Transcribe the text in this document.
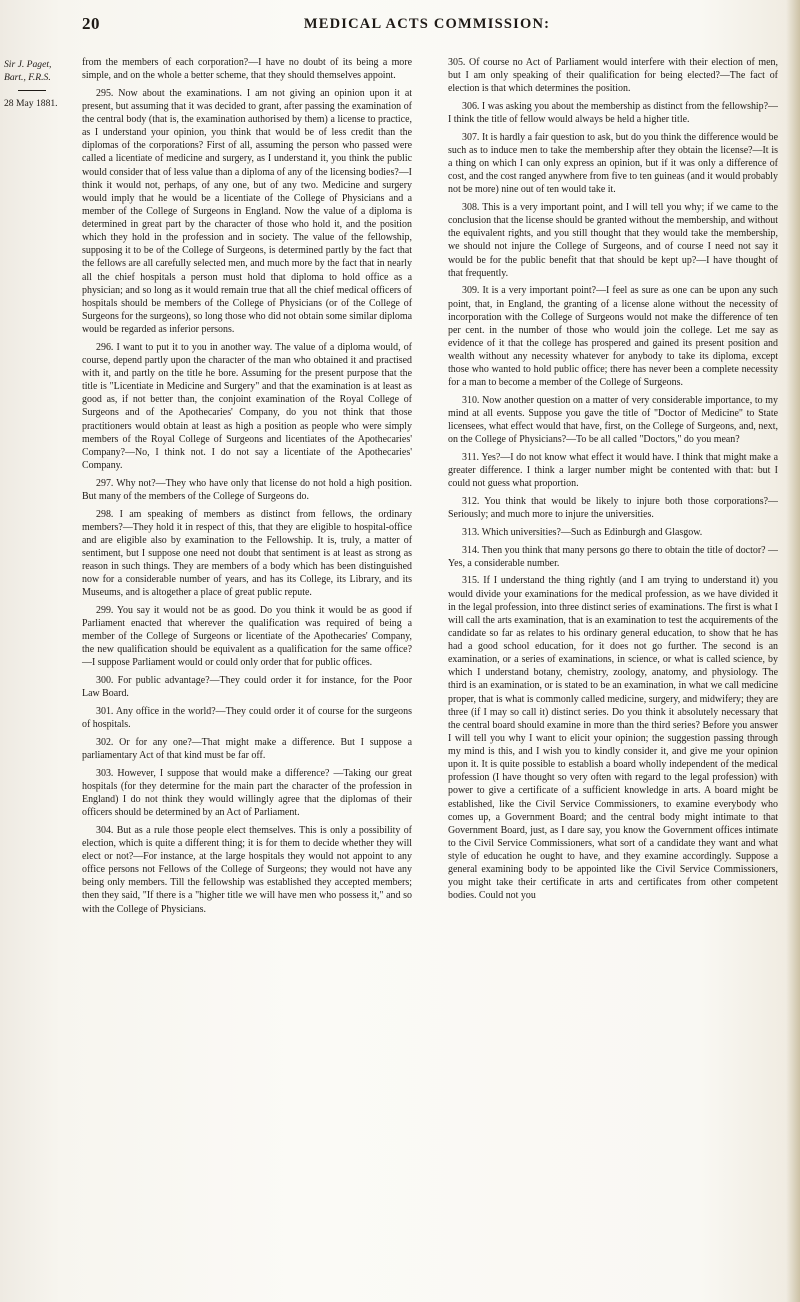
20	MEDICAL ACTS COMMISSION:
Sir J. Paget, Bart., F.R.S.
28 May 1881.

from the members of each corporation?—I have no doubt of its being a more simple, and on the whole a better scheme, that they should themselves appoint.

295. Now about the examinations. I am not giving an opinion upon it at present, but assuming that it was decided to grant, after passing the examination of the central body (that is, the examination authorised by them) a license to practice, as I understand your opinion, you think that would be of less credit than the diplomas of the corporations? First of all, assuming the person who passed were called a licentiate of medicine and surgery, as I understand it, you think the public would consider that of less value than a diploma of any of the licensing bodies?—I think it would not, perhaps, of any one, but of any two. Medicine and surgery would imply that he would be a licentiate of the College of Physicians and a member of the College of Surgeons in England. Now the value of a diploma is determined in great part by the character of those who hold it, and the position which they hold in the profession and in society. The value of the fellowship, supposing it to be of the College of Surgeons, is determined partly by the fact that the fellows are all carefully selected men, and much more by the fact that in nearly all the chief hospitals a person must hold that diploma to hold office as a physician; and so long as it would remain true that all the chief medical officers of hospitals should be members of the College of Physicians (or of the College of Surgeons for the surgeons), so long those who did not obtain some similar diploma would be regarded as inferior persons.

296. I want to put it to you in another way. The value of a diploma would, of course, depend partly upon the character of the man who obtained it and practised with it, and partly on the title he bore. Assuming for the present purpose that the title is "Licentiate in Medicine and Surgery" and that the examination is at least as good as, if not better than, the conjoint examination of the Royal College of Surgeons and of the Apothecaries' Company, do you not think that those practitioners would obtain at least as high a position as people who were simply members of the Royal College of Surgeons and licentiates of the Apothecaries' Company?—No, I think not. I do not say a licentiate of the Apothecaries' Company.

297. Why not?—They who have only that license do not hold a high position. But many of the members of the College of Surgeons do.

298. I am speaking of members as distinct from fellows, the ordinary members?—They hold it in respect of this, that they are eligible to hospital-office and are eligible also by examination to the Fellowship. It is, truly, a matter of sentiment, but I suppose one need not doubt that sentiment is at least as strong as reason in such things. They are members of a body which has been distinguished now for a considerable number of years, and has its College, its Library, and its Museums, and is altogether a place of great public repute.

299. You say it would not be as good. Do you think it would be as good if Parliament enacted that wherever the qualification was required of being a member of the College of Surgeons or licentiate of the Apothecaries' Company, the new qualification should be equivalent as a qualification for the same office?—I suppose Parliament would or could only order that for public offices.

300. For public advantage?—They could order it for instance, for the Poor Law Board.

301. Any office in the world?—They could order it of course for the surgeons of hospitals.

302. Or for any one?—That might make a difference. But I suppose a parliamentary Act of that kind must be far off.

303. However, I suppose that would make a difference? —Taking our great hospitals (for they determine for the main part the character of the profession in England) I do not think they would willingly agree that the diplomas of their officers should be determined by an Act of Parliament.

304. But as a rule those people elect themselves. This is only a possibility of election, which is quite a different thing; it is for them to decide whether they will elect or not?—For instance, at the large hospitals they would not appoint to any office persons not Fellows of the College of Surgeons; they would not have any being only members. Till the fellowship was established they accepted members; then they said, "If there is a "higher title we will have men who possess it," and so with the College of Physicians.

305. Of course no Act of Parliament would interfere with their election of men, but I am only speaking of their qualification for being elected?—The fact of election is that which determines the position.

306. I was asking you about the membership as distinct from the fellowship?—I think the title of fellow would always be held a higher title.

307. It is hardly a fair question to ask, but do you think the difference would be such as to induce men to take the membership after they obtain the license?—It is a thing on which I can only express an opinion, but if it was only a difference of cost, and the cost ranged anywhere from five to ten guineas (and it would probably not be more) nine out of ten would take it.

308. This is a very important point, and I will tell you why; if we came to the conclusion that the license should be granted without the membership, and without the equivalent rights, and you still thought that they would take the membership, we should not injure the College of Surgeons, and of course I need not say it would be for the public benefit that that should be kept up?—I have thought of that frequently.

309. It is a very important point?—I feel as sure as one can be upon any such point, that, in England, the granting of a license alone without the necessity of incorporation with the College of Surgeons would not make the difference of ten per cent. in the number of those who would join the college. Let me say as evidence of it that the college has prospered and gained its present position and wealth without any necessity whatever for anybody to take its diploma, except those who wanted to hold public office; there has never been a complete necessity for a man to become a member of the College of Surgeons.

310. Now another question on a matter of very considerable importance, to my mind at all events. Suppose you gave the title of "Doctor of Medicine" to State licensees, what effect would that have, first, on the College of Surgeons, and, next, on the College of Physicians?—To be all called "Doctors," do you mean?

311. Yes?—I do not know what effect it would have. I think that might make a greater difference. I think a larger number might be contented with that: but I could not guess what proportion.

312. You think that would be likely to injure both those corporations?—Seriously; and much more to injure the universities.

313. Which universities?—Such as Edinburgh and Glasgow.

314. Then you think that many persons go there to obtain the title of doctor? — Yes, a considerable number.

315. If I understand the thing rightly (and I am trying to understand it) you would divide your examinations for the medical profession, as we have divided it in the legal profession, into three distinct series of examinations. The first is what I will call the arts examination, that is an examination to test the acquirements of the candidate so far as relates to his ordinary general education, to show that he has had a good school education, for it does not go further. The second is an examination, or a series of examinations, in science, or what is called science, by which I understand botany, chemistry, zoology, anatomy, and physiology. The third is an examination, or is stated to be an examination, in what we call medicine proper, that is what is commonly called medicine, surgery, and midwifery; they are three (if I may so call it) distinct series. Do you think it absolutely necessary that the central board should examine in more than the third series? Before you answer I will tell you why I want to elicit your opinion; the suggestion passing through my mind is this, and I wish you to kindly consider it, and give me your opinion upon it. It is quite possible to establish a board wholly independent of the medical profession (I have thought so very often with regard to the legal profession) with power to give a certificate of a sufficient knowledge in arts. A board might be established, like the Civil Service Commissioners, to examine everybody who comes up, a Government Board; and the central body might intimate to that Government Board, just, as I dare say, you know the Government offices intimate to the Civil Service Commissioners, what sort of a candidate they want and what style of education he ought to have, and they examine accordingly. Suppose a general examining body to be appointed like the Civil Service Commissioners, you might take their certificate in arts and certificates from other competent bodies. Could not you
